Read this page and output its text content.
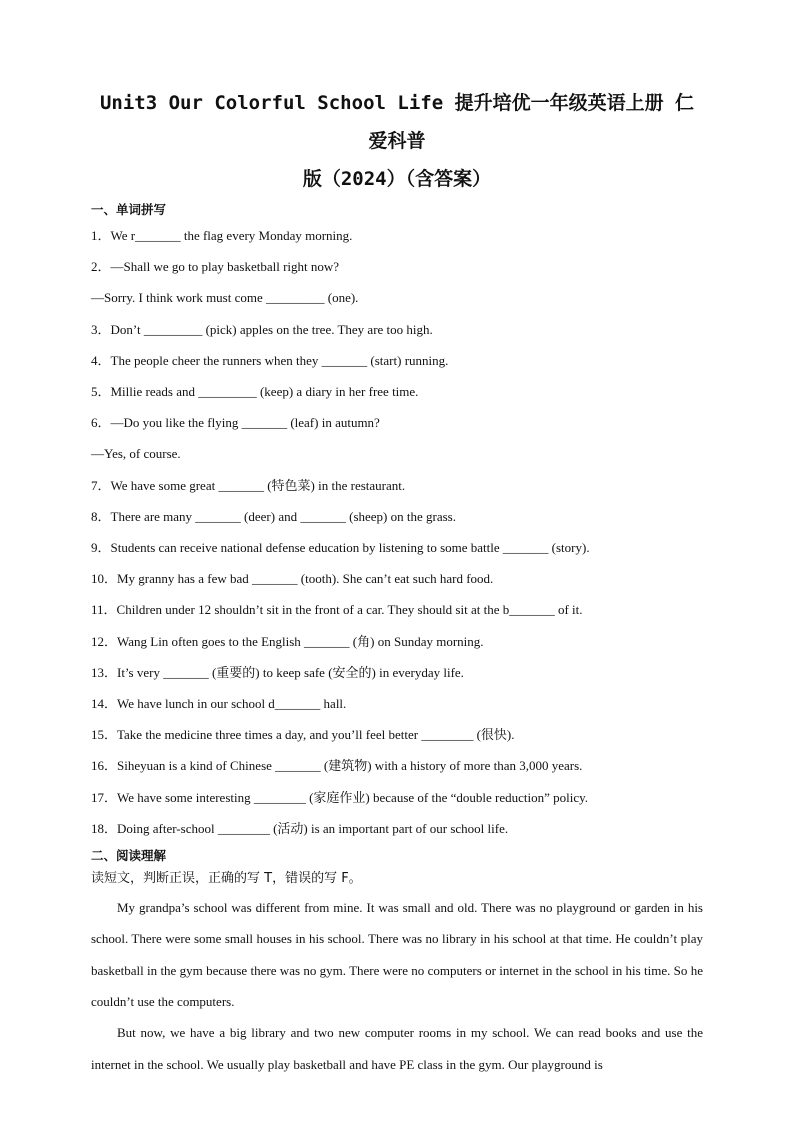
Unit3 Our Colorful School Life 提升培优一年级英语上册 仁爱科普
版（2024）（含答案）
一、单词拼写
1．We r_______ the flag every Monday morning.
2．—Shall we go to play basketball right now?
—Sorry. I think work must come _________ (one).
3．Don’t _________ (pick) apples on the tree. They are too high.
4．The people cheer the runners when they _______ (start) running.
5．Millie reads and _________ (keep) a diary in her free time.
6．—Do you like the flying _______ (leaf) in autumn?
—Yes, of course.
7．We have some great _______ (特色菜) in the restaurant.
8．There are many _______ (deer) and _______ (sheep) on the grass.
9．Students can receive national defense education by listening to some battle _______ (story).
10．My granny has a few bad _______ (tooth). She can’t eat such hard food.
11．Children under 12 shouldn’t sit in the front of a car. They should sit at the b_______ of it.
12．Wang Lin often goes to the English _______ (角) on Sunday morning.
13．It’s very _______ (重要的) to keep safe (安全的) in everyday life.
14．We have lunch in our school d_______ hall.
15．Take the medicine three times a day, and you’ll feel better ________ (很快).
16．Siheyuan is a kind of Chinese _______ (建筑物) with a history of more than 3,000 years.
17．We have some interesting ________ (家庭作业) because of the “double reduction” policy.
18．Doing after-school ________ (活动) is an important part of our school life.
二、阅读理解
读短文，判断正误，正确的写 T，错误的写 F。

My grandpa’s school was different from mine. It was small and old. There was no playground or garden in his school. There were some small houses in his school. There was no library in his school at that time. He couldn’t play basketball in the gym because there was no gym. There were no computers or internet in the school in his time. So he couldn’t use the computers.

But now, we have a big library and two new computer rooms in my school. We can read books and use the internet in the school. We usually play basketball and have PE class in the gym. Our playground is
